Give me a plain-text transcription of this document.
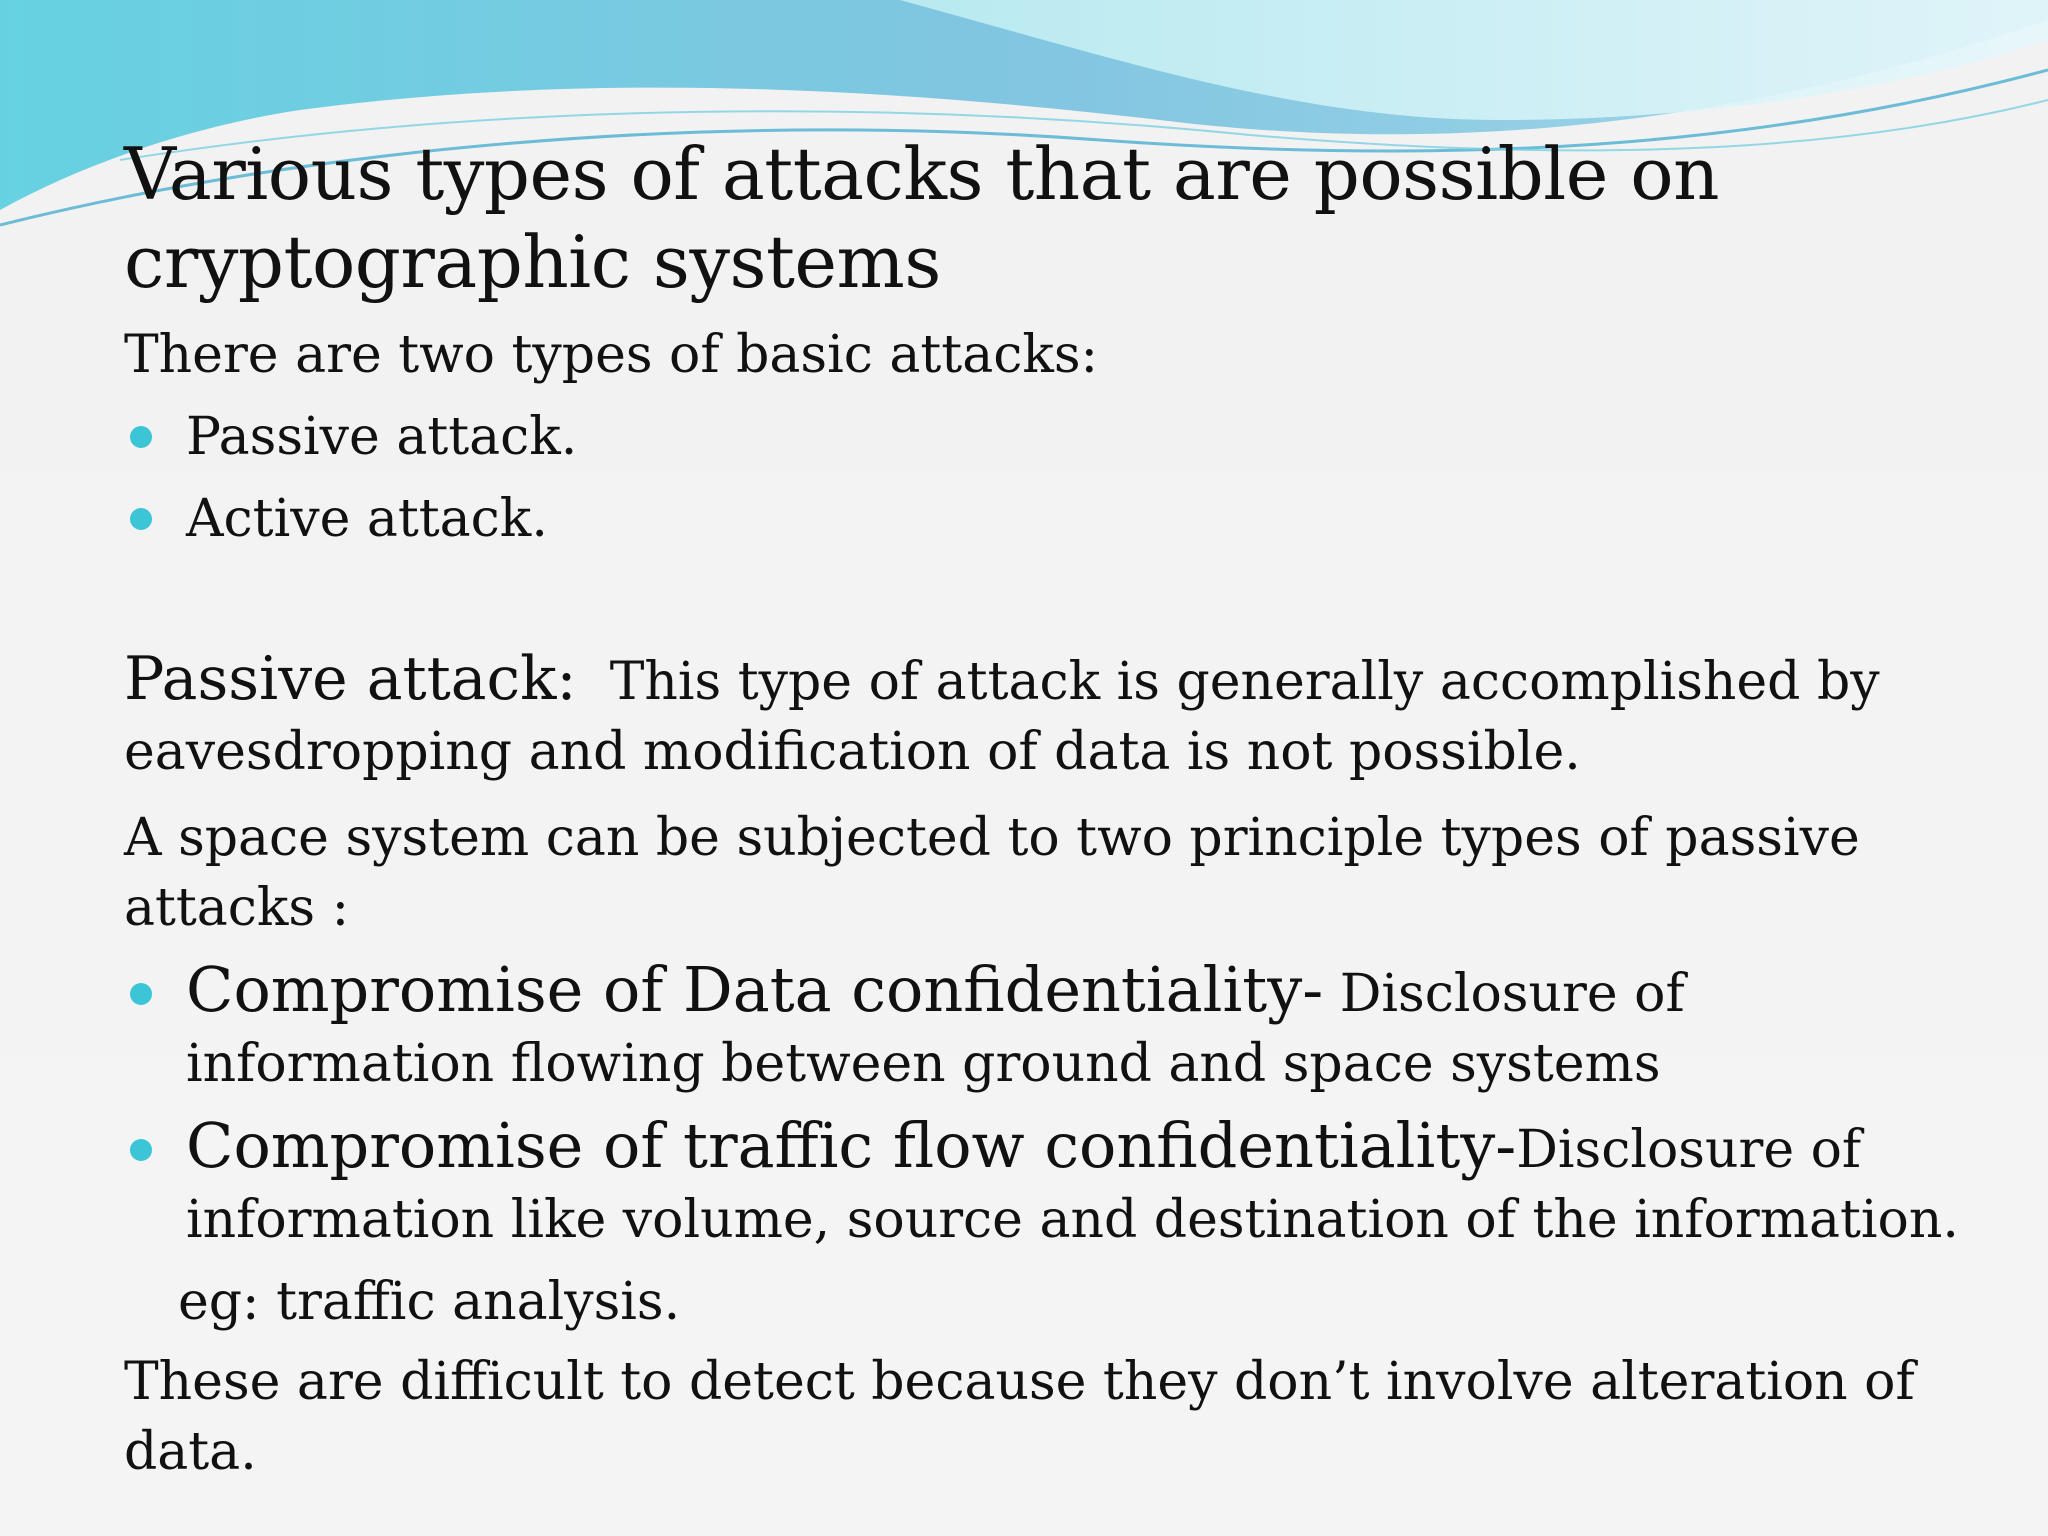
Various types of attacks that are possible on cryptographic systems

There are two types of basic attacks:

Passive attack.
Active attack.

Passive attack: This type of attack is generally accomplished by eavesdropping and modification of data is not possible.

A space system can be subjected to two principle types of passive attacks :

Compromise of Data confidentiality- Disclosure of information flowing between ground and space systems
Compromise of traffic flow confidentiality-Disclosure of information like volume, source and destination of the information.

eg: traffic analysis.

These are difficult to detect because they don’t involve alteration of data.
